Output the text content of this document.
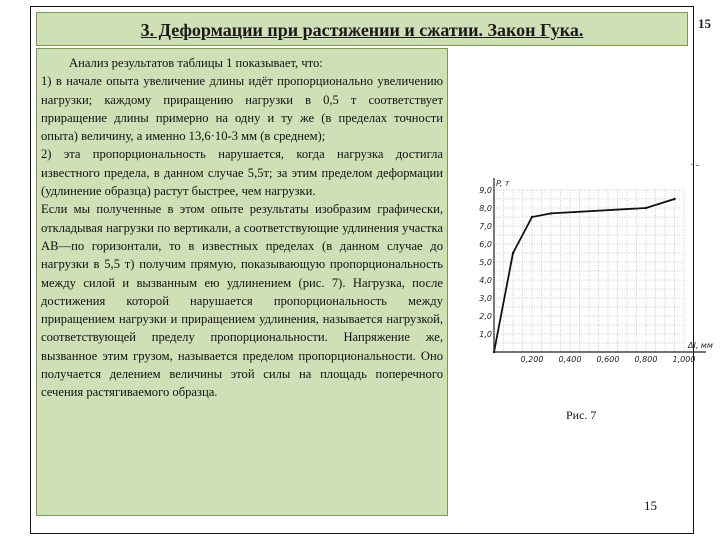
15
3. Деформации при растяжении и сжатии. Закон Гука.

Анализ результатов таблицы 1 показывает, что:

1) в начале опыта увеличение длины идёт пропорционально увеличению нагрузки; каждому приращению нагрузки в 0,5 т соответствует приращение длины примерно на одну и ту же (в пределах точности опыта) величину, а именно 13,6·10-3 мм (в среднем);

2) эта пропорциональность нарушается, когда нагрузка достигла известного предела, в данном случае 5,5т; за этим пределом деформации (удлинение образца) растут быстрее, чем нагрузки.

Если мы полученные в этом опыте результаты изобразим графически, откладывая нагрузки по вертикали, а соответствующие удлинения участка AB—по горизонтали, то в известных пределах (в данном случае до нагрузки в 5,5 т) получим прямую, показывающую пропорциональность между силой и вызванным ею удлинением (рис. 7). Нагрузка, после достижения которой нарушается пропорциональность между приращением нагрузки и приращением удлинения, называется нагрузкой, соответствующей пределу пропорциональности. Напряжение же, вызванное этим грузом, называется пределом пропорциональности. Оно получается делением величины этой силы на площадь поперечного сечения растягиваемого образца.

1,0
2,0
3,0
4,0
5,0
6,0
7,0
8,0
9,0
0,200 0,400 0,600 0,800 1,000
P, т
Δl, мм
· -
Рис. 7
15
